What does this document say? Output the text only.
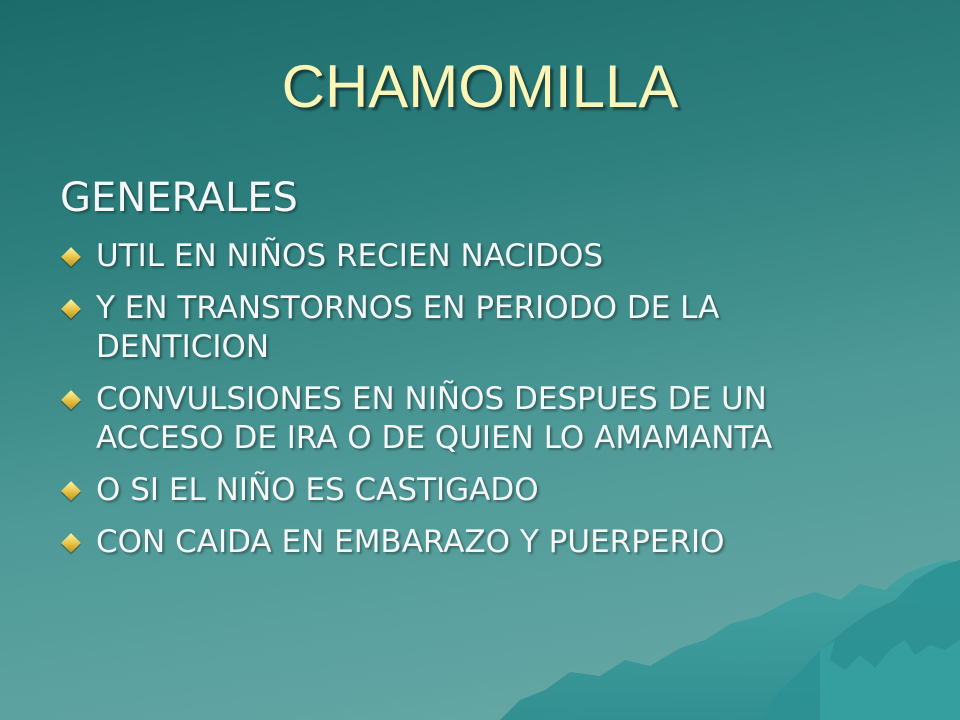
CHAMOMILLA
GENERALES
UTIL EN NIÑOS RECIEN NACIDOS
Y EN TRANSTORNOS EN PERIODO DE LA DENTICION
CONVULSIONES EN NIÑOS DESPUES DE UN ACCESO DE IRA O DE QUIEN LO AMAMANTA
O SI EL NIÑO ES CASTIGADO
CON CAIDA EN EMBARAZO Y PUERPERIO
